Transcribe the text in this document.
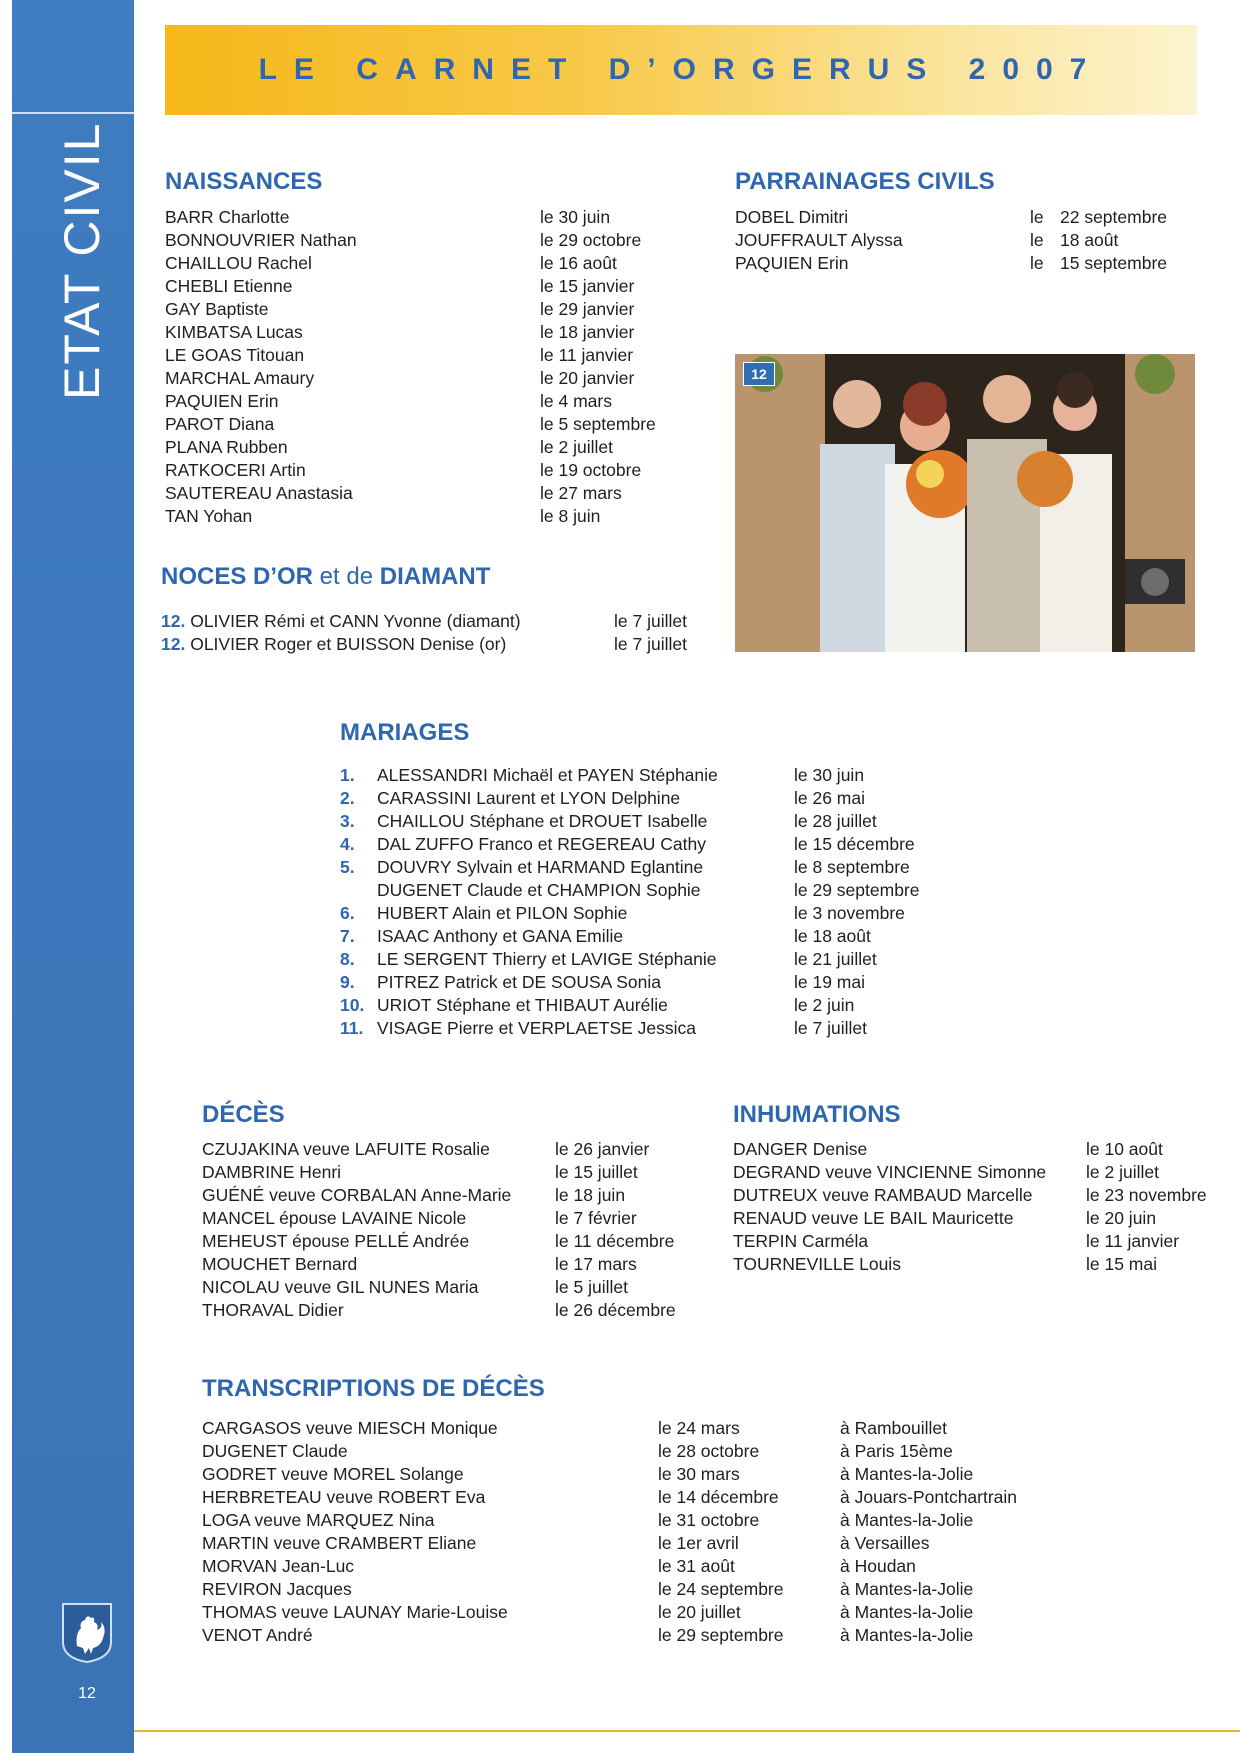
ETAT CIVIL
12
LE CARNET D’ORGERUS 2007
NAISSANCES
BARR Charlotte	le 30 juin
BONNOUVRIER Nathan	le 29 octobre
CHAILLOU Rachel	le 16 août
CHEBLI Etienne	le 15 janvier
GAY Baptiste	le 29 janvier
KIMBATSA Lucas	le 18 janvier
LE GOAS Titouan	le 11 janvier
MARCHAL Amaury	le 20 janvier
PAQUIEN Erin	le 4 mars
PAROT Diana	le 5 septembre
PLANA Rubben	le 2 juillet
RATKOCERI Artin	le 19 octobre
SAUTEREAU Anastasia	le 27 mars
TAN Yohan	le 8 juin
PARRAINAGES CIVILS
DOBEL Dimitri	le 22 septembre
JOUFFRAULT Alyssa	le 18 août
PAQUIEN Erin	le 15 septembre
12
NOCES D’OR et de DIAMANT
12. OLIVIER Rémi et CANN Yvonne (diamant)	le 7 juillet
12. OLIVIER Roger et BUISSON Denise (or)	le 7 juillet
MARIAGES
1. ALESSANDRI Michaël et PAYEN Stéphanie	le 30 juin
2. CARASSINI Laurent et LYON Delphine	le 26 mai
3. CHAILLOU Stéphane et DROUET Isabelle	le 28 juillet
4. DAL ZUFFO Franco et REGEREAU Cathy	le 15 décembre
5. DOUVRY Sylvain et HARMAND Eglantine	le 8 septembre
DUGENET Claude et CHAMPION Sophie	le 29 septembre
6. HUBERT Alain et PILON Sophie	le 3 novembre
7. ISAAC Anthony et GANA Emilie	le 18 août
8. LE SERGENT Thierry et LAVIGE Stéphanie	le 21 juillet
9. PITREZ Patrick et DE SOUSA Sonia	le 19 mai
10. URIOT Stéphane et THIBAUT Aurélie	le 2 juin
11. VISAGE Pierre et VERPLAETSE Jessica	le 7 juillet
DÉCÈS
CZUJAKINA veuve LAFUITE Rosalie	le 26 janvier
DAMBRINE Henri	le 15 juillet
GUÉNÉ veuve CORBALAN Anne-Marie le 18 juin
MANCEL épouse LAVAINE Nicole	le 7 février
MEHEUST épouse PELLÉ Andrée	le 11 décembre
MOUCHET Bernard	le 17 mars
NICOLAU veuve GIL NUNES Maria	le 5 juillet
THORAVAL Didier	le 26 décembre
INHUMATIONS
DANGER Denise	le 10 août
DEGRAND veuve VINCIENNE Simonne le 2 juillet
DUTREUX veuve RAMBAUD Marcelle	le 23 novembre
RENAUD veuve LE BAIL Mauricette	le 20 juin
TERPIN Carméla	le 11 janvier
TOURNEVILLE Louis	le 15 mai
TRANSCRIPTIONS DE DÉCÈS
CARGASOS veuve MIESCH Monique	le 24 mars	à Rambouillet
DUGENET Claude	le 28 octobre	à Paris 15ème
GODRET veuve MOREL Solange	le 30 mars	à Mantes-la-Jolie
HERBRETEAU veuve ROBERT Eva	le 14 décembre	à Jouars-Pontchartrain
LOGA veuve MARQUEZ Nina	le 31 octobre	à Mantes-la-Jolie
MARTIN veuve CRAMBERT Eliane	le 1er avril	à Versailles
MORVAN Jean-Luc	le 31 août	à Houdan
REVIRON Jacques	le 24 septembre	à Mantes-la-Jolie
THOMAS veuve LAUNAY Marie-Louise	le 20 juillet	à Mantes-la-Jolie
VENOT André	le 29 septembre	à Mantes-la-Jolie
